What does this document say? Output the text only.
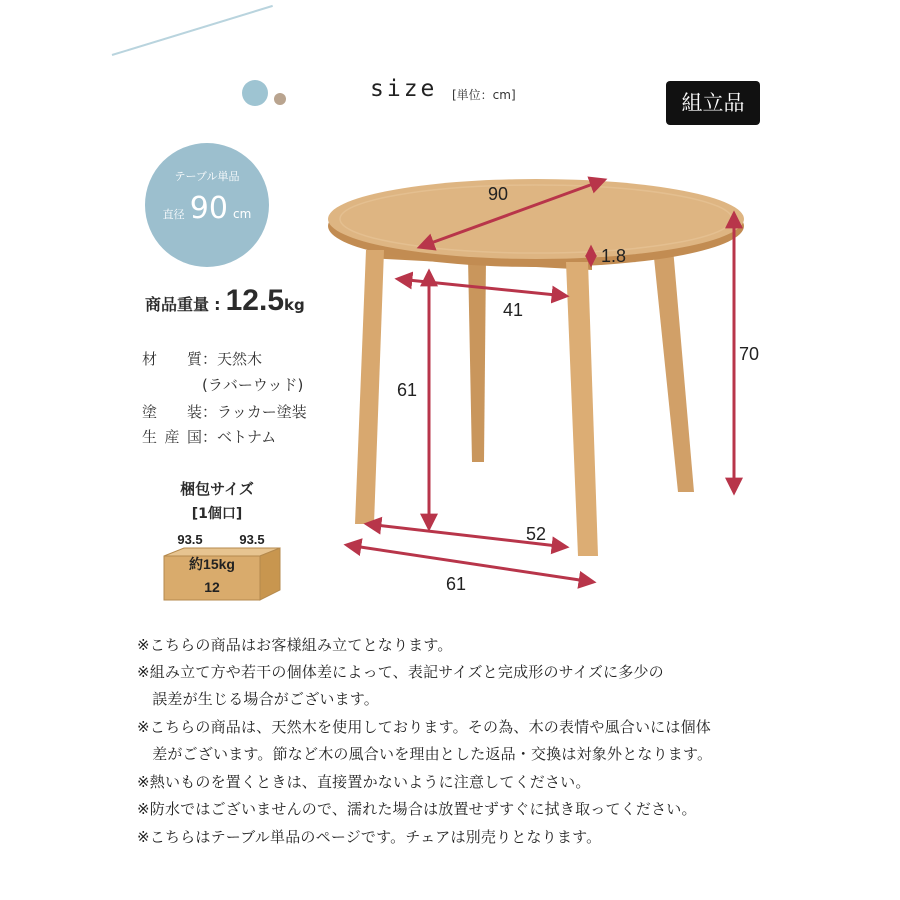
size [単位：cm]	組立品
テーブル単品
直径 90 cm
商品重量 : 12.5kg
材　質：天然木
(ラバーウッド)
塗　装：ラッカー塗装
生産国：ベトナム
梱包サイズ
[1個口]
93.5	93.5
約15kg
12
90
1.8
41
70
61
52
61
※こちらの商品はお客様組み立てとなります。
※組み立て方や若干の個体差によって、表記サイズと完成形のサイズに多少の
　誤差が生じる場合がございます。
※こちらの商品は、天然木を使用しております。その為、木の表情や風合いには個体
　差がございます。節など木の風合いを理由とした返品・交換は対象外となります。
※熱いものを置くときは、直接置かないように注意してください。
※防水ではございませんので、濡れた場合は放置せずすぐに拭き取ってください。
※こちらはテーブル単品のページです。チェアは別売りとなります。
